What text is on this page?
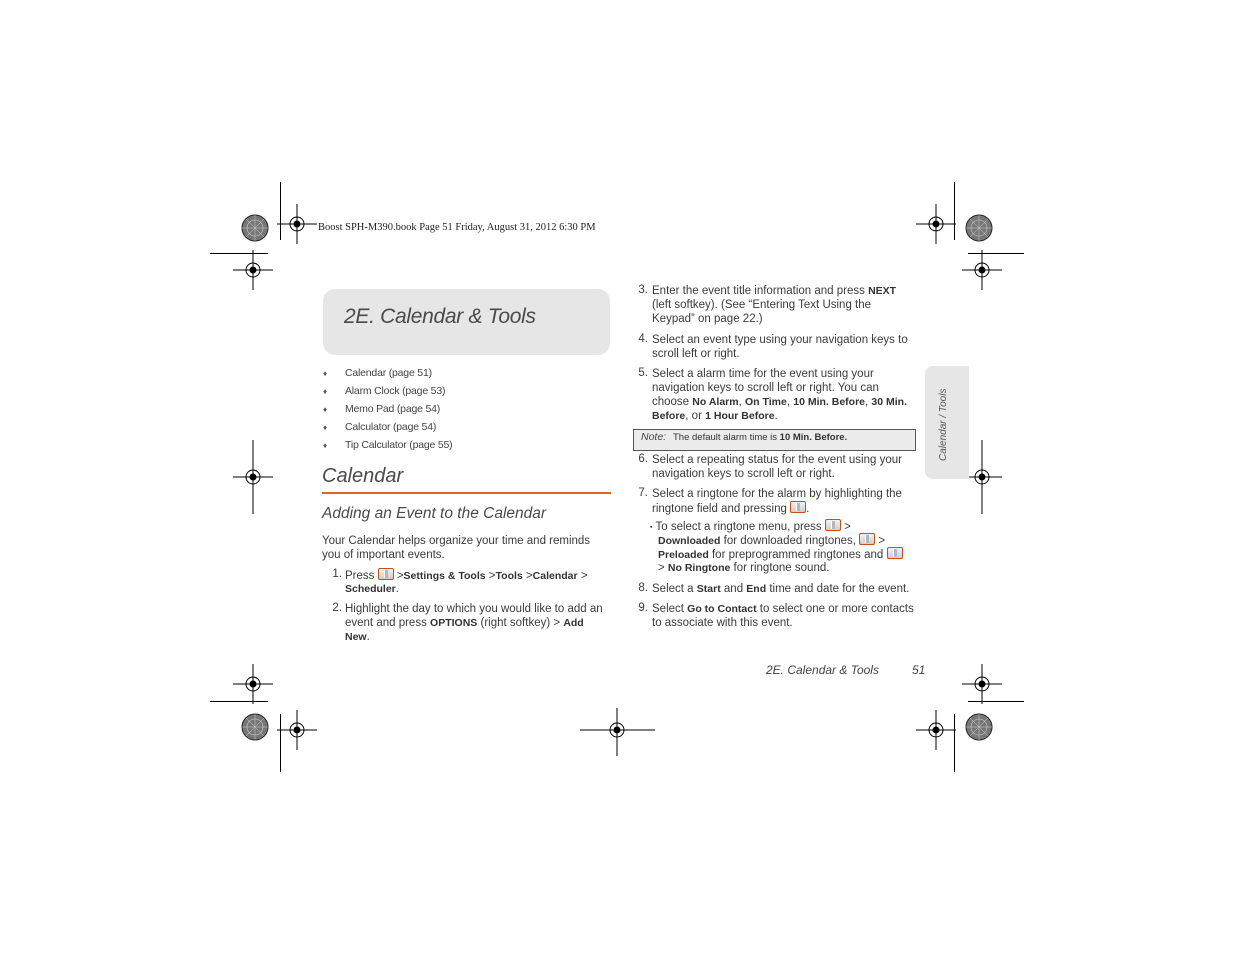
Boost SPH-M390.book Page 51 Friday, August 31, 2012 6:30 PM
2E. Calendar & Tools
♦ Calendar (page 51)
♦ Alarm Clock (page 53)
♦ Memo Pad (page 54)
♦ Calculator (page 54)
♦ Tip Calculator (page 55)
Calendar
Adding an Event to the Calendar
Your Calendar helps organize your time and reminds
you of important events.
1. Press >Settings & Tools >Tools >Calendar >
Scheduler.
2. Highlight the day to which you would like to add an
event and press OPTIONS (right softkey) > Add
New.
3. Enter the event title information and press NEXT
(left softkey). (See “Entering Text Using the
Keypad” on page 22.)
4. Select an event type using your navigation keys to
scroll left or right.
5. Select a alarm time for the event using your
navigation keys to scroll left or right. You can
choose No Alarm, On Time, 10 Min. Before, 30 Min.
Before, or 1 Hour Before.
Note: The default alarm time is 10 Min. Before.
6. Select a repeating status for the event using your
navigation keys to scroll left or right.
7. Select a ringtone for the alarm by highlighting the
ringtone field and pressing .
▪ To select a ringtone menu, press >
Downloaded for downloaded ringtones, >
Preloaded for preprogrammed ringtones and
> No Ringtone for ringtone sound.
8. Select a Start and End time and date for the event.
9. Select Go to Contact to select one or more contacts
to associate with this event.
Calendar / Tools
2E. Calendar & Tools	51
